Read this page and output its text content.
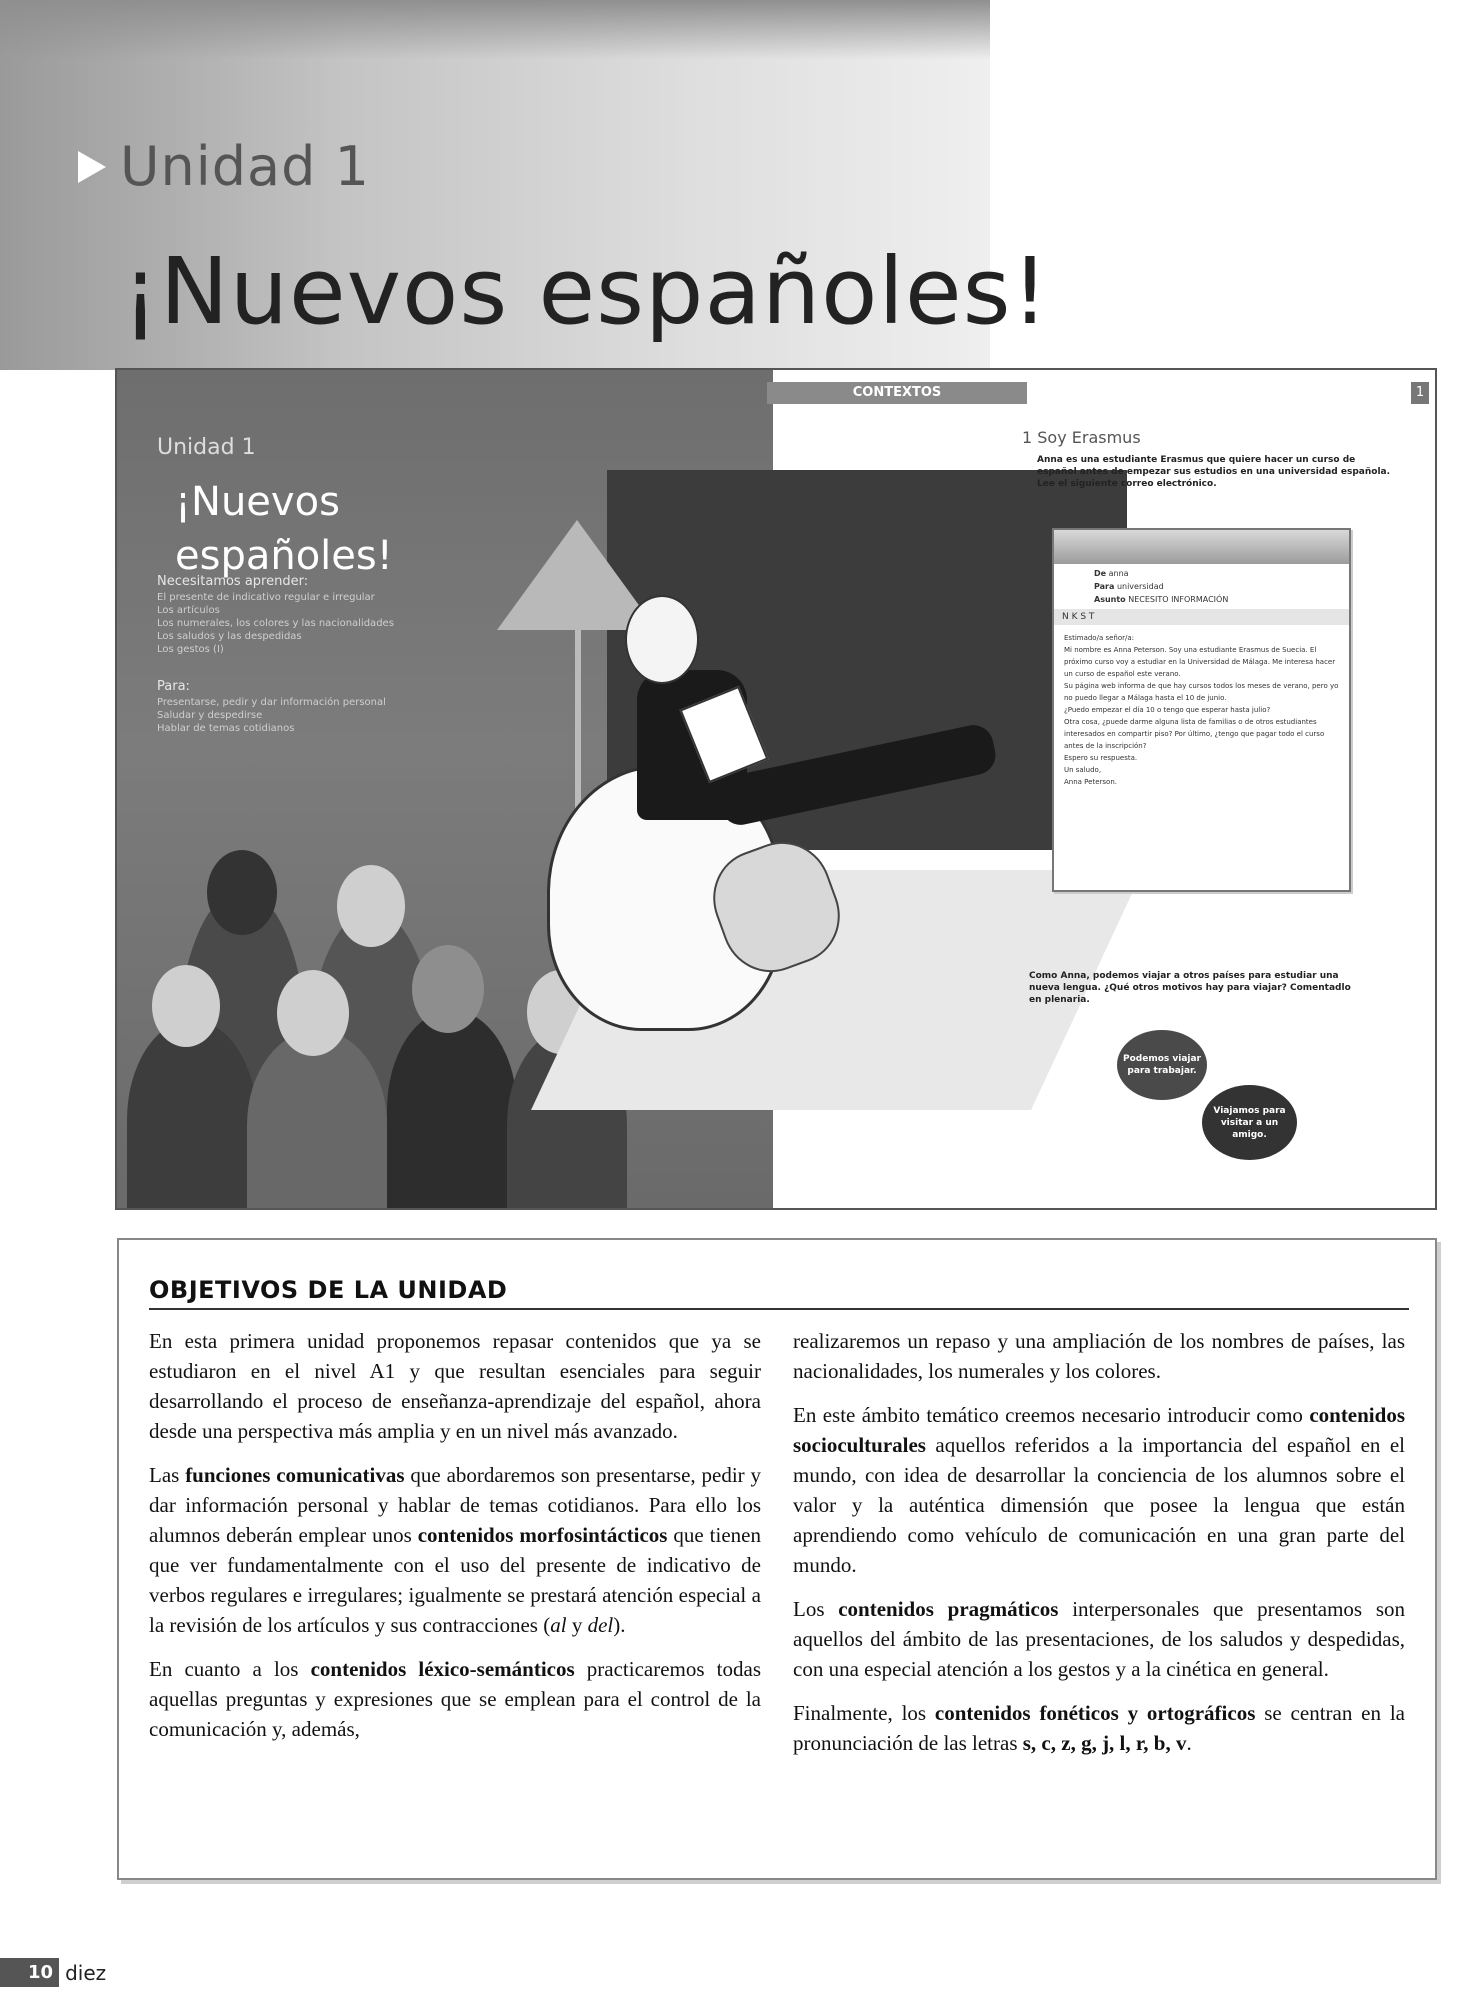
Unidad 1
¡Nuevos españoles!
Unidad 1
¡Nuevos españoles!
Necesitamos aprender:
El presente de indicativo regular e irregular
Los artículos
Los numerales, los colores y las nacionalidades
Los saludos y las despedidas
Los gestos (I)
Para:
Presentarse, pedir y dar información personal
Saludar y despedirse
Hablar de temas cotidianos
CONTEXTOS	1
1 Soy Erasmus
Anna es una estudiante Erasmus que quiere hacer un curso de español antes de empezar sus estudios en una universidad española. Lee el siguiente correo electrónico.
De anna
Para universidad
Asunto NECESITO INFORMACIÓN
N K S T
Estimado/a señor/a:
Mi nombre es Anna Peterson. Soy una estudiante Erasmus de Suecia. El próximo curso voy a estudiar en la Universidad de Málaga. Me interesa hacer un curso de español este verano.
Su página web informa de que hay cursos todos los meses de verano, pero yo no puedo llegar a Málaga hasta el 10 de junio.
¿Puedo empezar el día 10 o tengo que esperar hasta julio?
Otra cosa, ¿puede darme alguna lista de familias o de otros estudiantes interesados en compartir piso? Por último, ¿tengo que pagar todo el curso antes de la inscripción?
Espero su respuesta.
Un saludo,
Anna Peterson.
Como Anna, podemos viajar a otros países para estudiar una nueva lengua. ¿Qué otros motivos hay para viajar? Comentadlo en plenaria.
Podemos viajar para trabajar.
Viajamos para visitar a un amigo.
OBJETIVOS DE LA UNIDAD

En esta primera unidad proponemos repasar contenidos que ya se estudiaron en el nivel A1 y que resultan esenciales para seguir desarrollando el proceso de enseñanza-aprendizaje del español, ahora desde una perspectiva más amplia y en un nivel más avanzado.

Las funciones comunicativas que abordaremos son presentarse, pedir y dar información personal y hablar de temas cotidianos. Para ello los alumnos deberán emplear unos contenidos morfosintácticos que tienen que ver fundamentalmente con el uso del presente de indicativo de verbos regulares e irregulares; igualmente se prestará atención especial a la revisión de los artículos y sus contracciones (al y del).

En cuanto a los contenidos léxico-semánticos practicaremos todas aquellas preguntas y expresiones que se emplean para el control de la comunicación y, además,

realizaremos un repaso y una ampliación de los nombres de países, las nacionalidades, los numerales y los colores.

En este ámbito temático creemos necesario introducir como contenidos socioculturales aquellos referidos a la importancia del español en el mundo, con idea de desarrollar la conciencia de los alumnos sobre el valor y la auténtica dimensión que posee la lengua que están aprendiendo como vehículo de comunicación en una gran parte del mundo.

Los contenidos pragmáticos interpersonales que presentamos son aquellos del ámbito de las presentaciones, de los saludos y despedidas, con una especial atención a los gestos y a la cinética en general.

Finalmente, los contenidos fonéticos y ortográficos se centran en la pronunciación de las letras s, c, z, g, j, l, r, b, v.

10 diez
